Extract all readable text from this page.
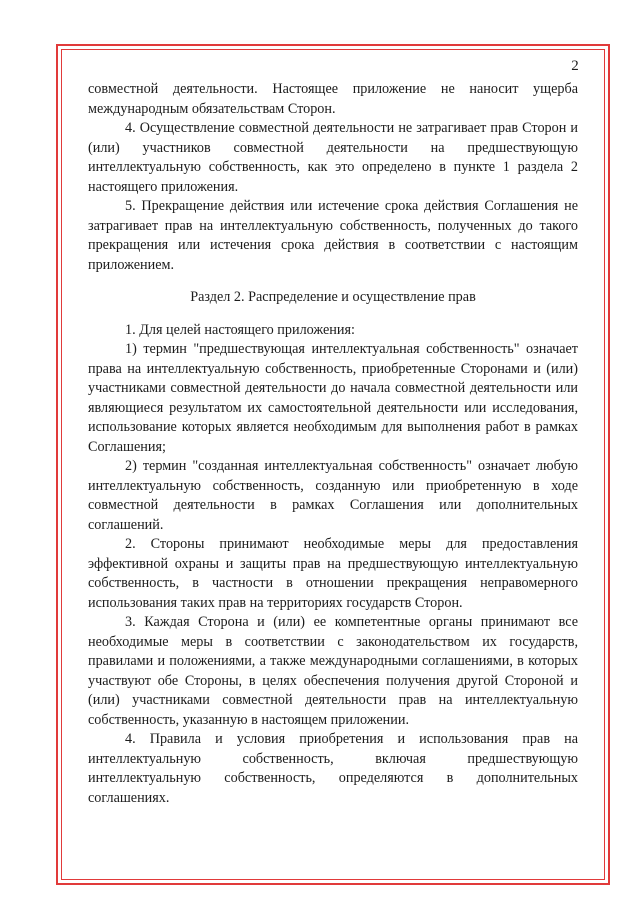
2

совместной деятельности. Настоящее приложение не наносит ущерба международным обязательствам Сторон.

4. Осуществление совместной деятельности не затрагивает прав Сторон и (или) участников совместной деятельности на предшествующую интеллектуальную собственность, как это определено в пункте 1 раздела 2 настоящего приложения.

5. Прекращение действия или истечение срока действия Соглашения не затрагивает прав на интеллектуальную собственность, полученных до такого прекращения или истечения срока действия в соответствии с настоящим приложением.

Раздел 2. Распределение и осуществление прав

1. Для целей настоящего приложения:

1) термин "предшествующая интеллектуальная собственность" означает права на интеллектуальную собственность, приобретенные Сторонами и (или) участниками совместной деятельности до начала совместной деятельности или являющиеся результатом их самостоятельной деятельности или исследования, использование которых является необходимым для выполнения работ в рамках Соглашения;

2) термин "созданная интеллектуальная собственность" означает любую интеллектуальную собственность, созданную или приобретенную в ходе совместной деятельности в рамках Соглашения или дополнительных соглашений.

2. Стороны принимают необходимые меры для предоставления эффективной охраны и защиты прав на предшествующую интеллектуальную собственность, в частности в отношении прекращения неправомерного использования таких прав на территориях государств Сторон.

3. Каждая Сторона и (или) ее компетентные органы принимают все необходимые меры в соответствии с законодательством их государств, правилами и положениями, а также международными соглашениями, в которых участвуют обе Стороны, в целях обеспечения получения другой Стороной и (или) участниками совместной деятельности прав на интеллектуальную собственность, указанную в настоящем приложении.

4. Правила и условия приобретения и использования прав на интеллектуальную собственность, включая предшествующую интеллектуальную собственность, определяются в дополнительных соглашениях.
